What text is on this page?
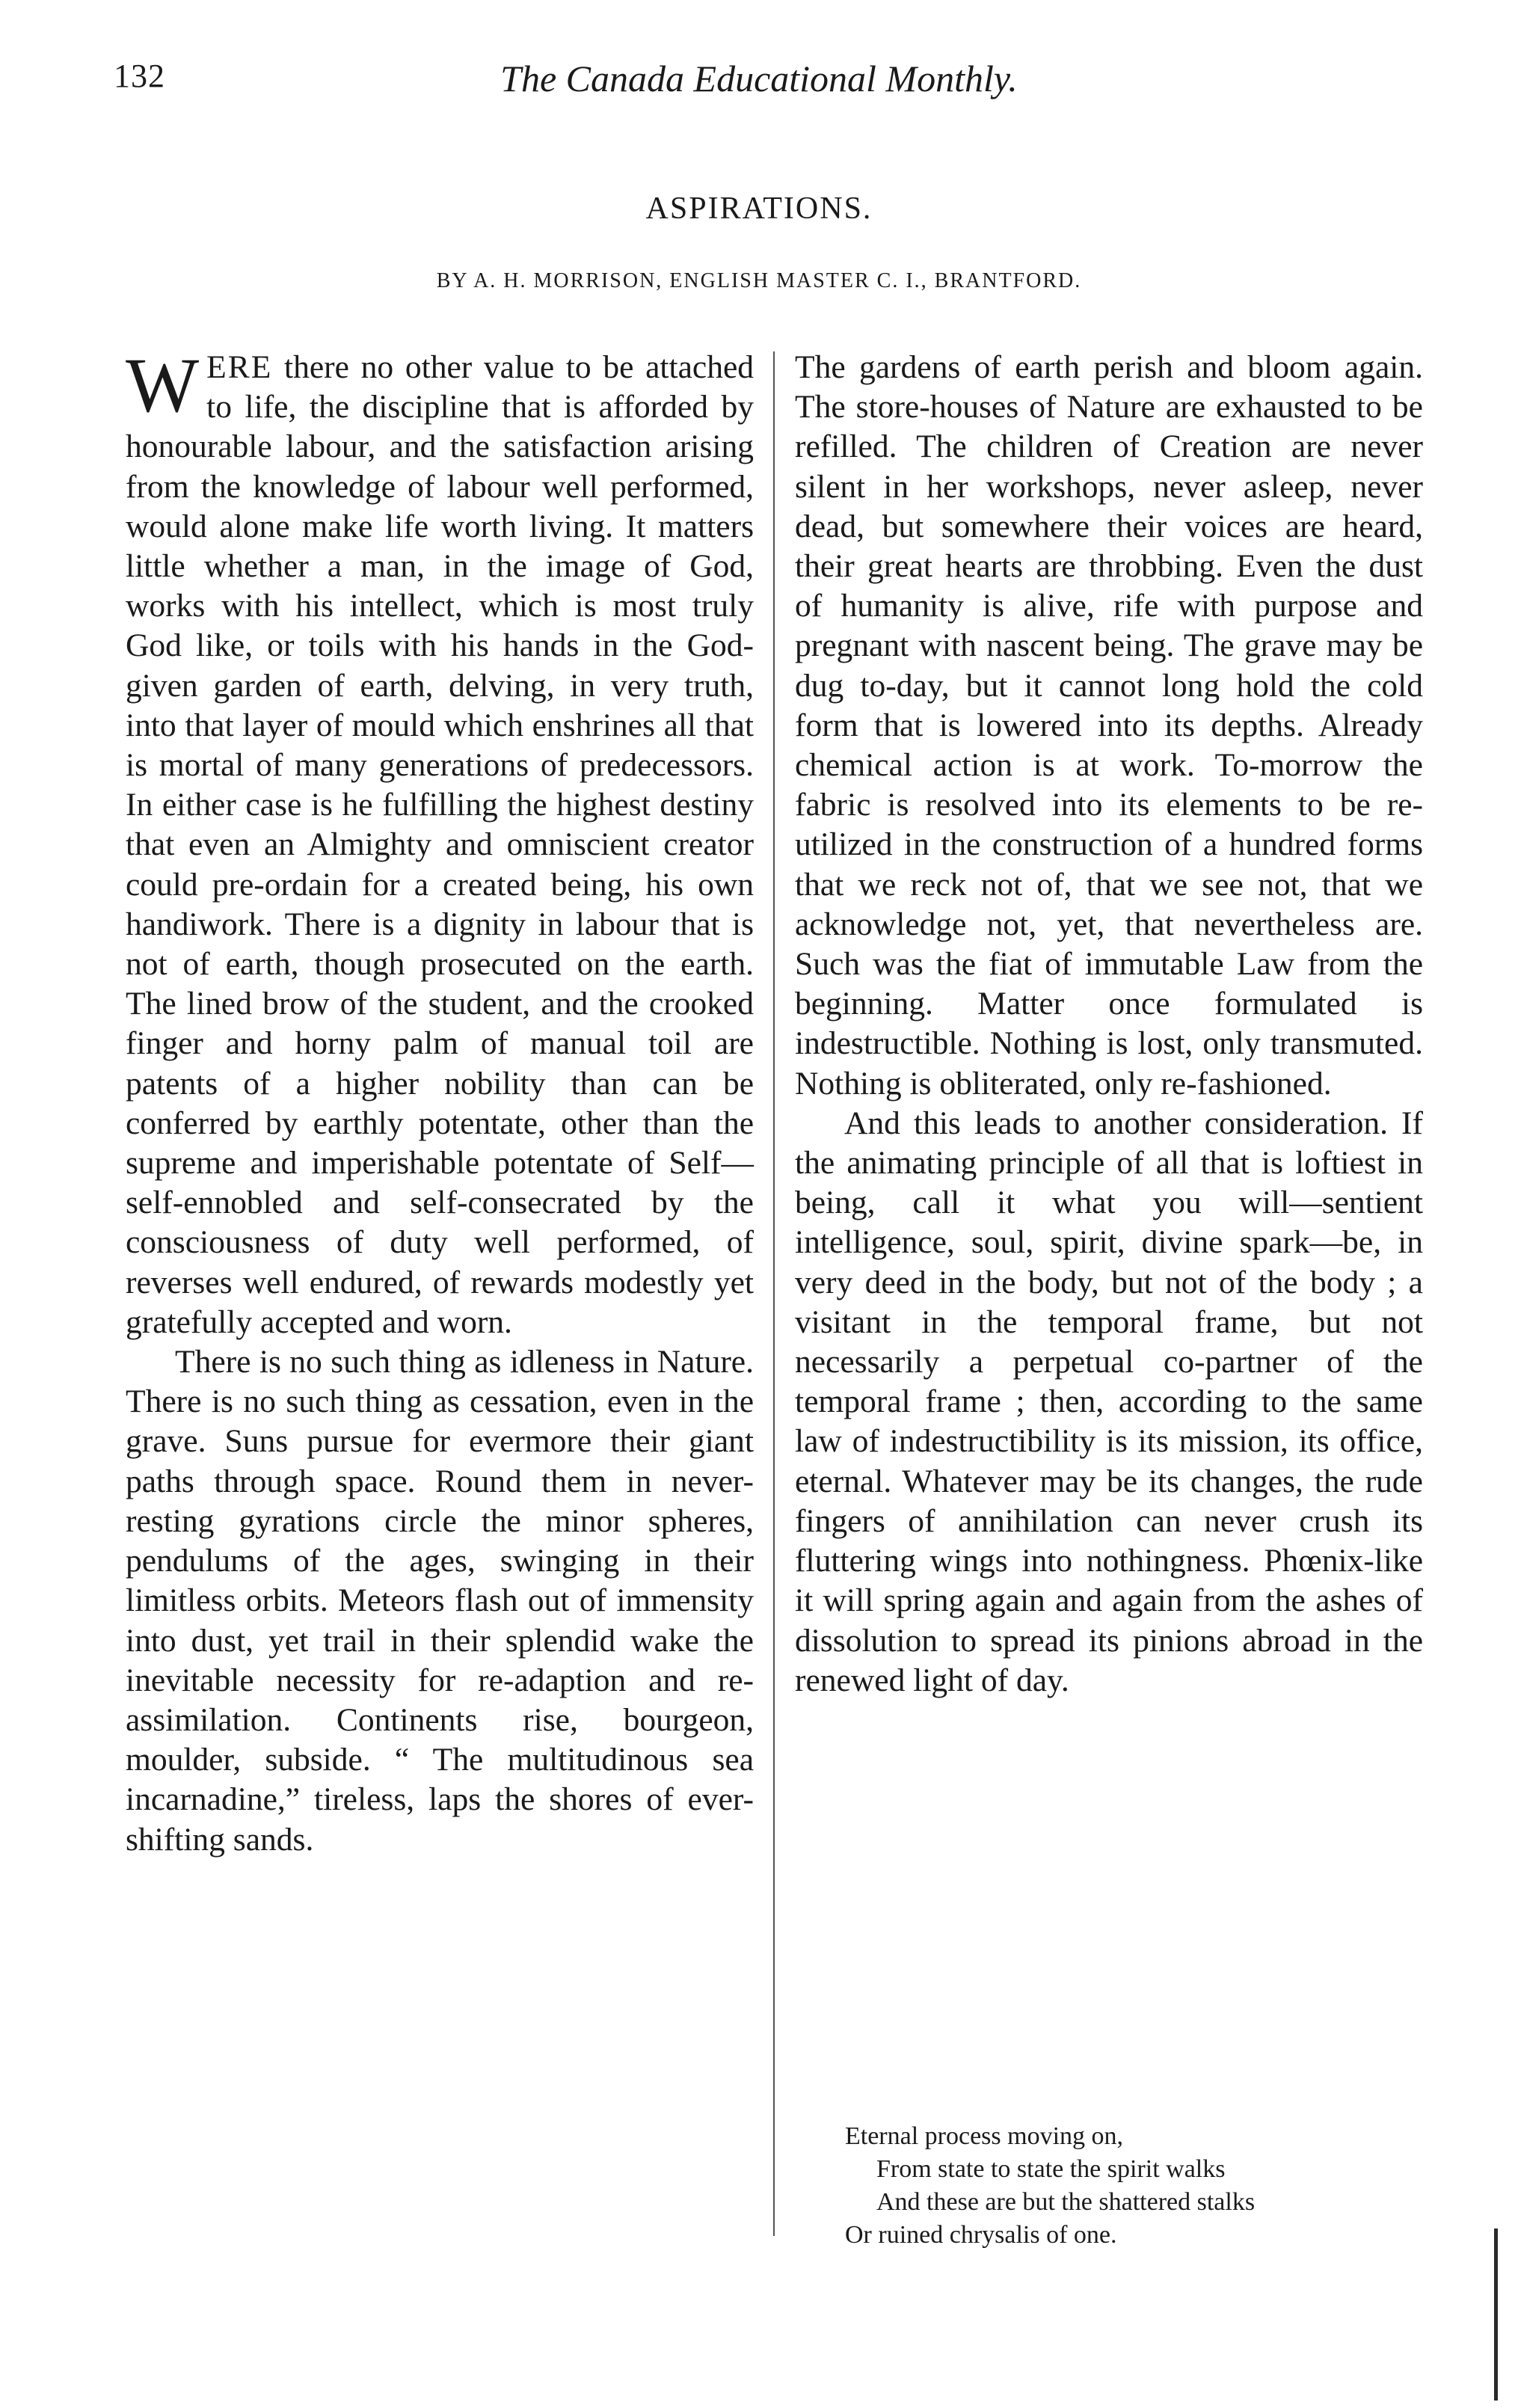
132	The Canada Educational Monthly.
ASPIRATIONS.
BY A. H. MORRISON, ENGLISH MASTER C. I., BRANTFORD.

WERE there no other value to be attached to life, the discipline that is afforded by honourable labour, and the satisfaction arising from the knowledge of labour well performed, would alone make life worth living. It matters little whether a man, in the image of God, works with his intellect, which is most truly God like, or toils with his hands in the God-given garden of earth, delving, in very truth, into that layer of mould which enshrines all that is mortal of many generations of predecessors. In either case is he fulfilling the highest destiny that even an Almighty and omniscient creator could pre-ordain for a created being, his own handiwork. There is a dignity in labour that is not of earth, though prosecuted on the earth. The lined brow of the student, and the crooked finger and horny palm of manual toil are patents of a higher nobility than can be conferred by earthly potentate, other than the supreme and imperishable potentate of Self—self-ennobled and self-consecrated by the consciousness of duty well performed, of reverses well endured, of rewards modestly yet gratefully accepted and worn.

There is no such thing as idleness in Nature. There is no such thing as cessation, even in the grave. Suns pursue for evermore their giant paths through space. Round them in never-resting gyrations circle the minor spheres, pendulums of the ages, swinging in their limitless orbits. Meteors flash out of immensity into dust, yet trail in their splendid wake the inevitable necessity for re-adaption and re-assimilation. Continents rise, bourgeon, moulder, subside. “ The multitudinous sea incarnadine,” tireless, laps the shores of ever-shifting sands.

The gardens of earth perish and bloom again. The store-houses of Nature are exhausted to be refilled. The children of Creation are never silent in her workshops, never asleep, never dead, but somewhere their voices are heard, their great hearts are throbbing. Even the dust of humanity is alive, rife with purpose and pregnant with nascent being. The grave may be dug to-day, but it cannot long hold the cold form that is lowered into its depths. Already chemical action is at work. To-morrow the fabric is resolved into its elements to be re-utilized in the construction of a hundred forms that we reck not of, that we see not, that we acknowledge not, yet, that nevertheless are. Such was the fiat of immutable Law from the beginning. Matter once formulated is indestructible. Nothing is lost, only transmuted. Nothing is obliterated, only re-fashioned.

And this leads to another consideration. If the animating principle of all that is loftiest in being, call it what you will—sentient intelligence, soul, spirit, divine spark—be, in very deed in the body, but not of the body ; a visitant in the temporal frame, but not necessarily a perpetual co-partner of the temporal frame ; then, according to the same law of indestructibility is its mission, its office, eternal. Whatever may be its changes, the rude fingers of annihilation can never crush its fluttering wings into nothingness. Phœnix-like it will spring again and again from the ashes of dissolution to spread its pinions abroad in the renewed light of day.

Eternal process moving on,
From state to state the spirit walks
And these are but the shattered stalks
Or ruined chrysalis of one.
